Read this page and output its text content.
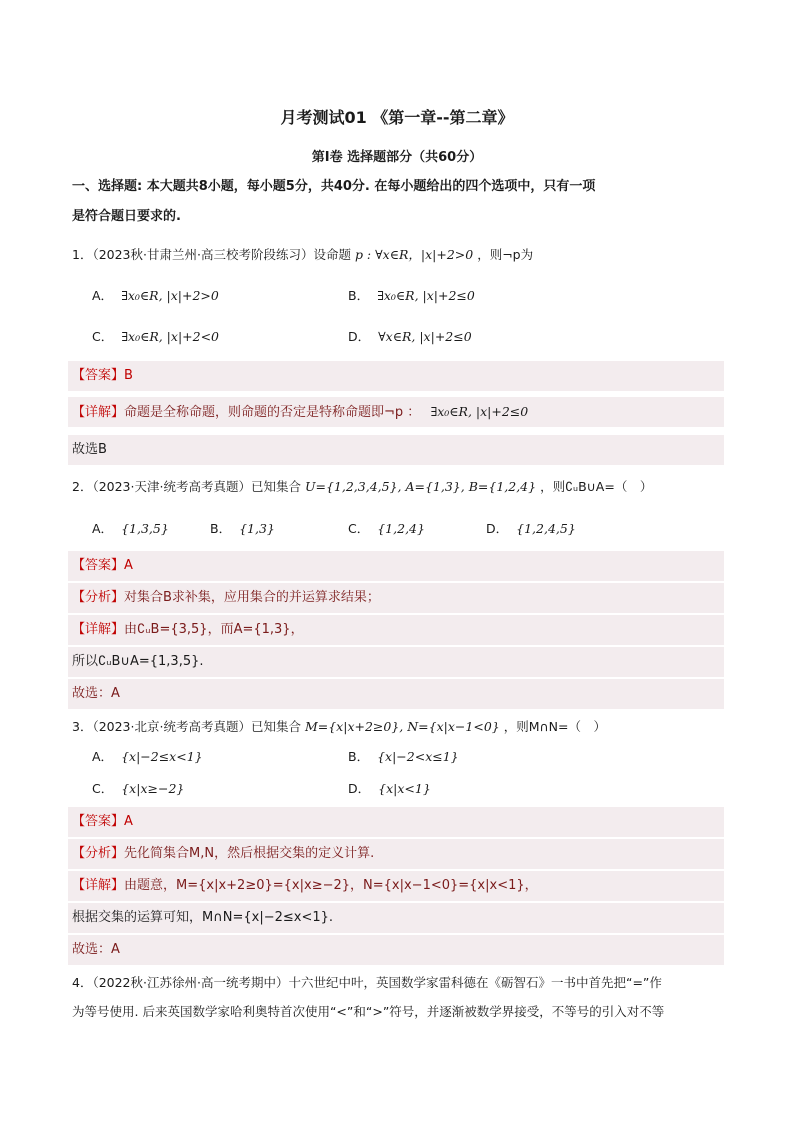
月考测试01 《第一章--第二章》
第Ⅰ卷 选择题部分（共60分）
一、选择题: 本大题共8小题，每小题5分，共40分. 在每小题给出的四个选项中，只有一项
是符合题日要求的.
1．（2023秋·甘肃兰州·高三校考阶段练习）设命题 p : ∀x∈R，|x|+2>0 ，则¬p为
A． ∃x₀∈R, |x|+2>0	B． ∃x₀∈R, |x|+2≤0
C． ∃x₀∈R, |x|+2<0	D． ∀x∈R, |x|+2≤0
【答案】B
【详解】命题是全称命题，则命题的否定是特称命题即¬p ： ∃x₀∈R, |x|+2≤0
故选B
2．（2023·天津·统考高考真题）已知集合 U={1,2,3,4,5}, A={1,3}, B={1,2,4} ，则∁ᵤB∪A=（　）
A． {1,3,5}	B． {1,3}	C． {1,2,4}	D． {1,2,4,5}
【答案】A
【分析】对集合B求补集，应用集合的并运算求结果；
【详解】由∁ᵤB={3,5}，而A={1,3}，
所以∁ᵤB∪A={1,3,5}.
故选：A
3．（2023·北京·统考高考真题）已知集合 M={x|x+2≥0}, N={x|x−1<0} ，则M∩N=（　）
A． {x|−2≤x<1}	B． {x|−2<x≤1}
C． {x|x≥−2}	D． {x|x<1}
【答案】A
【分析】先化简集合M,N，然后根据交集的定义计算.
【详解】由题意，M={x|x+2≥0}={x|x≥−2}，N={x|x−1<0}={x|x<1}，
根据交集的运算可知，M∩N={x|−2≤x<1}.
故选：A
4．（2022秋·江苏徐州·高一统考期中）十六世纪中叶，英国数学家雷科德在《砺智石》一书中首先把“=”作
为等号使用. 后来英国数学家哈利奥特首次使用“<”和“>”符号，并逐渐被数学界接受，不等号的引入对不等
